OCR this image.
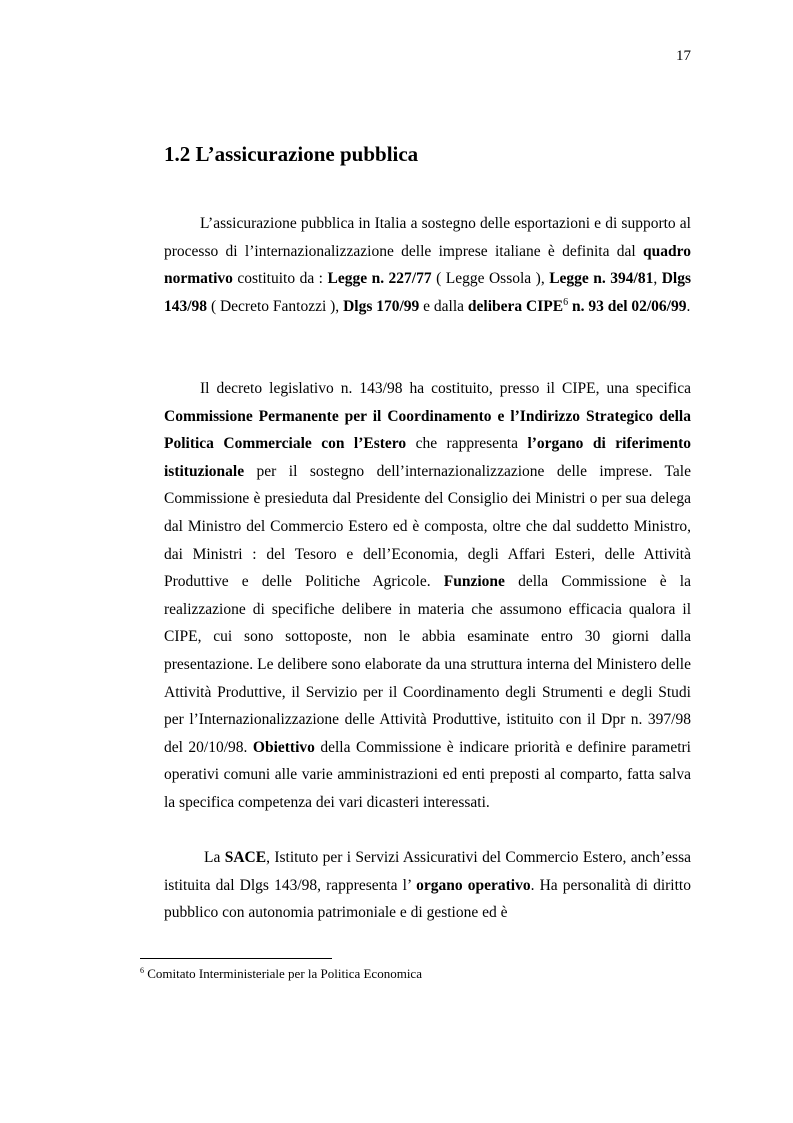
17
1.2 L’assicurazione pubblica

L’assicurazione pubblica in Italia a sostegno delle esportazioni e di supporto al processo di l’internazionalizzazione delle imprese italiane è definita dal quadro normativo costituito da : Legge n. 227/77 ( Legge Ossola ), Legge n. 394/81, Dlgs 143/98 ( Decreto Fantozzi ), Dlgs 170/99 e dalla delibera CIPE$^6$ n. 93 del 02/06/99.

Il decreto legislativo n. 143/98 ha costituito, presso il CIPE, una specifica Commissione Permanente per il Coordinamento e l’Indirizzo Strategico della Politica Commerciale con l’Estero che rappresenta l’organo di riferimento istituzionale per il sostegno dell’internazionalizzazione delle imprese. Tale Commissione è presieduta dal Presidente del Consiglio dei Ministri o per sua delega dal Ministro del Commercio Estero ed è composta, oltre che dal suddetto Ministro, dai Ministri : del Tesoro e dell’Economia, degli Affari Esteri, delle Attività Produttive e delle Politiche Agricole. Funzione della Commissione è la realizzazione di specifiche delibere in materia che assumono efficacia qualora il CIPE, cui sono sottoposte, non le abbia esaminate entro 30 giorni dalla presentazione. Le delibere sono elaborate da una struttura interna del Ministero delle Attività Produttive, il Servizio per il Coordinamento degli Strumenti e degli Studi per l’Internazionalizzazione delle Attività Produttive, istituito con il Dpr n. 397/98 del 20/10/98. Obiettivo della Commissione è indicare priorità e definire parametri operativi comuni alle varie amministrazioni ed enti preposti al comparto, fatta salva la specifica competenza dei vari dicasteri interessati.

La SACE, Istituto per i Servizi Assicurativi del Commercio Estero, anch’essa istituita dal Dlgs 143/98, rappresenta l’ organo operativo. Ha personalità di diritto pubblico con autonomia patrimoniale e di gestione ed è

$^6$ Comitato Interministeriale per la Politica Economica
